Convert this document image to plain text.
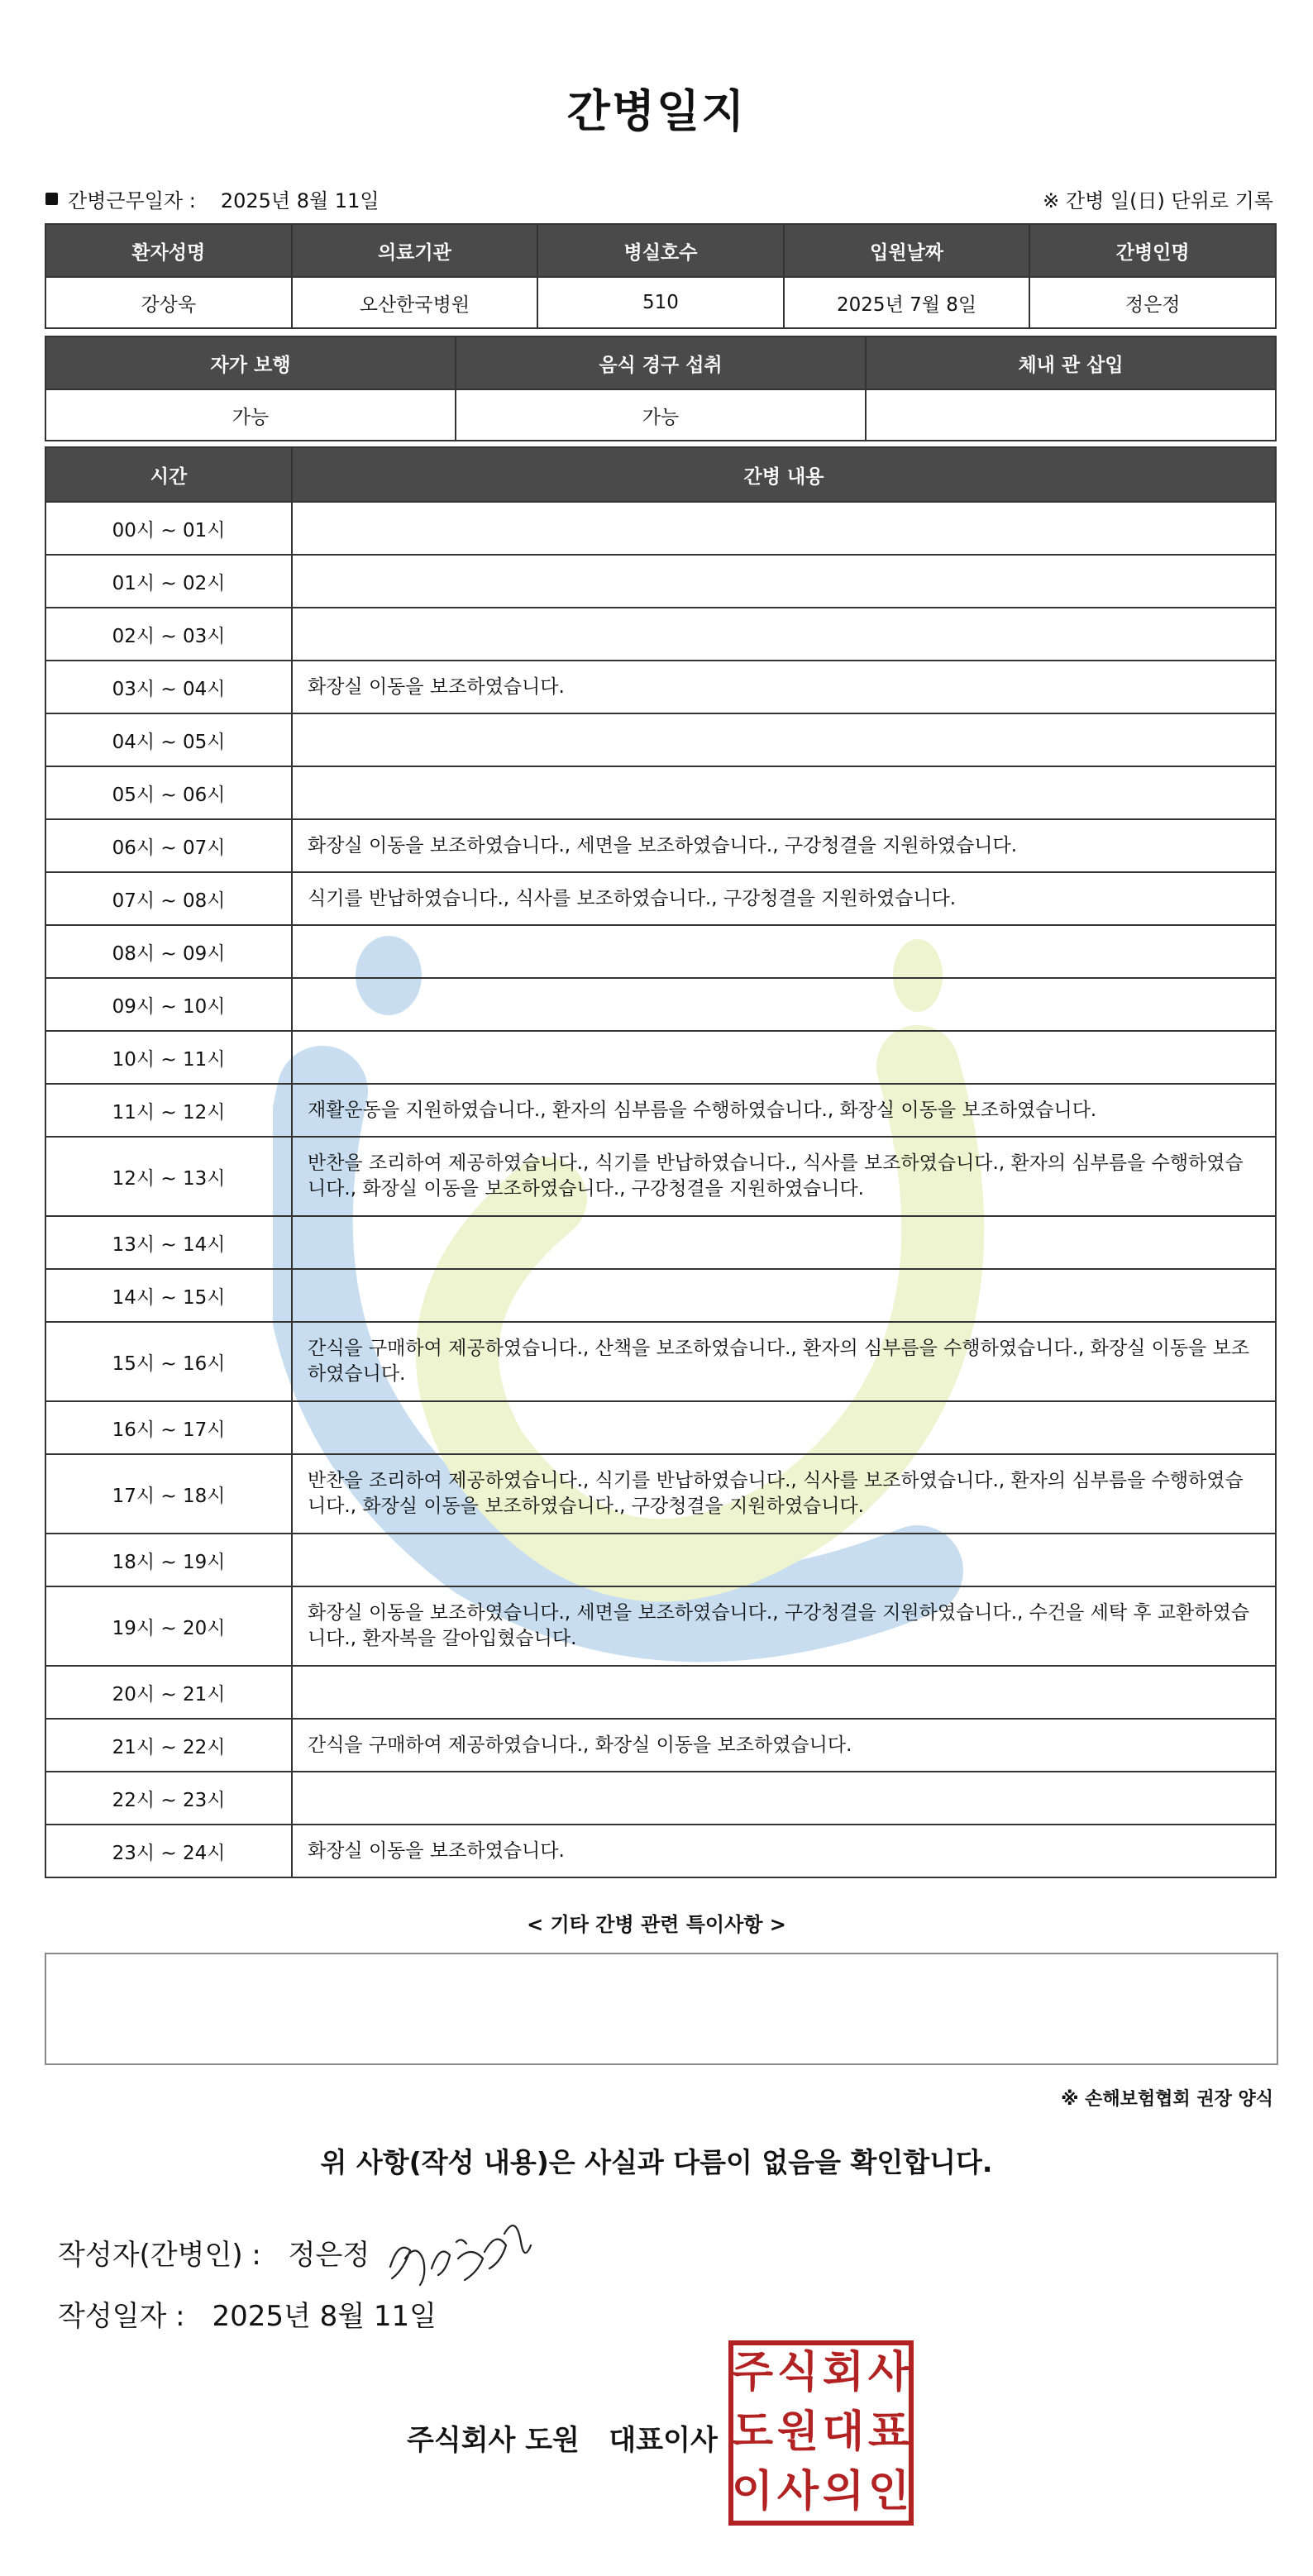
간병일지
간병근무일자 : 2025년 8월 11일	※ 간병 일(日) 단위로 기록
환자성명	의료기관	병실호수	입원날짜	간병인명
강상욱	오산한국병원	510	2025년 7월 8일	정은정
자가 보행	음식 경구 섭취	체내 관 삽입
가능	가능	
시간	간병 내용
00시 ~ 01시	
01시 ~ 02시	
02시 ~ 03시	
03시 ~ 04시	화장실 이동을 보조하였습니다.
04시 ~ 05시	
05시 ~ 06시	
06시 ~ 07시	화장실 이동을 보조하였습니다., 세면을 보조하였습니다., 구강청결을 지원하였습니다.
07시 ~ 08시	식기를 반납하였습니다., 식사를 보조하였습니다., 구강청결을 지원하였습니다.
08시 ~ 09시	
09시 ~ 10시	
10시 ~ 11시	
11시 ~ 12시	재활운동을 지원하였습니다., 환자의 심부름을 수행하였습니다., 화장실 이동을 보조하였습니다.
12시 ~ 13시	반찬을 조리하여 제공하였습니다., 식기를 반납하였습니다., 식사를 보조하였습니다., 환자의 심부름을 수행하였습니다., 화장실 이동을 보조하였습니다., 구강청결을 지원하였습니다.
13시 ~ 14시	
14시 ~ 15시	
15시 ~ 16시	간식을 구매하여 제공하였습니다., 산책을 보조하였습니다., 환자의 심부름을 수행하였습니다., 화장실 이동을 보조하였습니다.
16시 ~ 17시	
17시 ~ 18시	반찬을 조리하여 제공하였습니다., 식기를 반납하였습니다., 식사를 보조하였습니다., 환자의 심부름을 수행하였습니다., 화장실 이동을 보조하였습니다., 구강청결을 지원하였습니다.
18시 ~ 19시	
19시 ~ 20시	화장실 이동을 보조하였습니다., 세면을 보조하였습니다., 구강청결을 지원하였습니다., 수건을 세탁 후 교환하였습니다., 환자복을 갈아입혔습니다.
20시 ~ 21시	
21시 ~ 22시	간식을 구매하여 제공하였습니다., 화장실 이동을 보조하였습니다.
22시 ~ 23시	
23시 ~ 24시	화장실 이동을 보조하였습니다.
< 기타 간병 관련 특이사항 >
※ 손해보험협회 권장 양식
위 사항(작성 내용)은 사실과 다름이 없음을 확인합니다.
작성자(간병인) : 정은정
작성일자 : 2025년 8월 11일
주식회사 도원   대표이사
주 식 회 사
도 원 대 표
이 사 의 인
